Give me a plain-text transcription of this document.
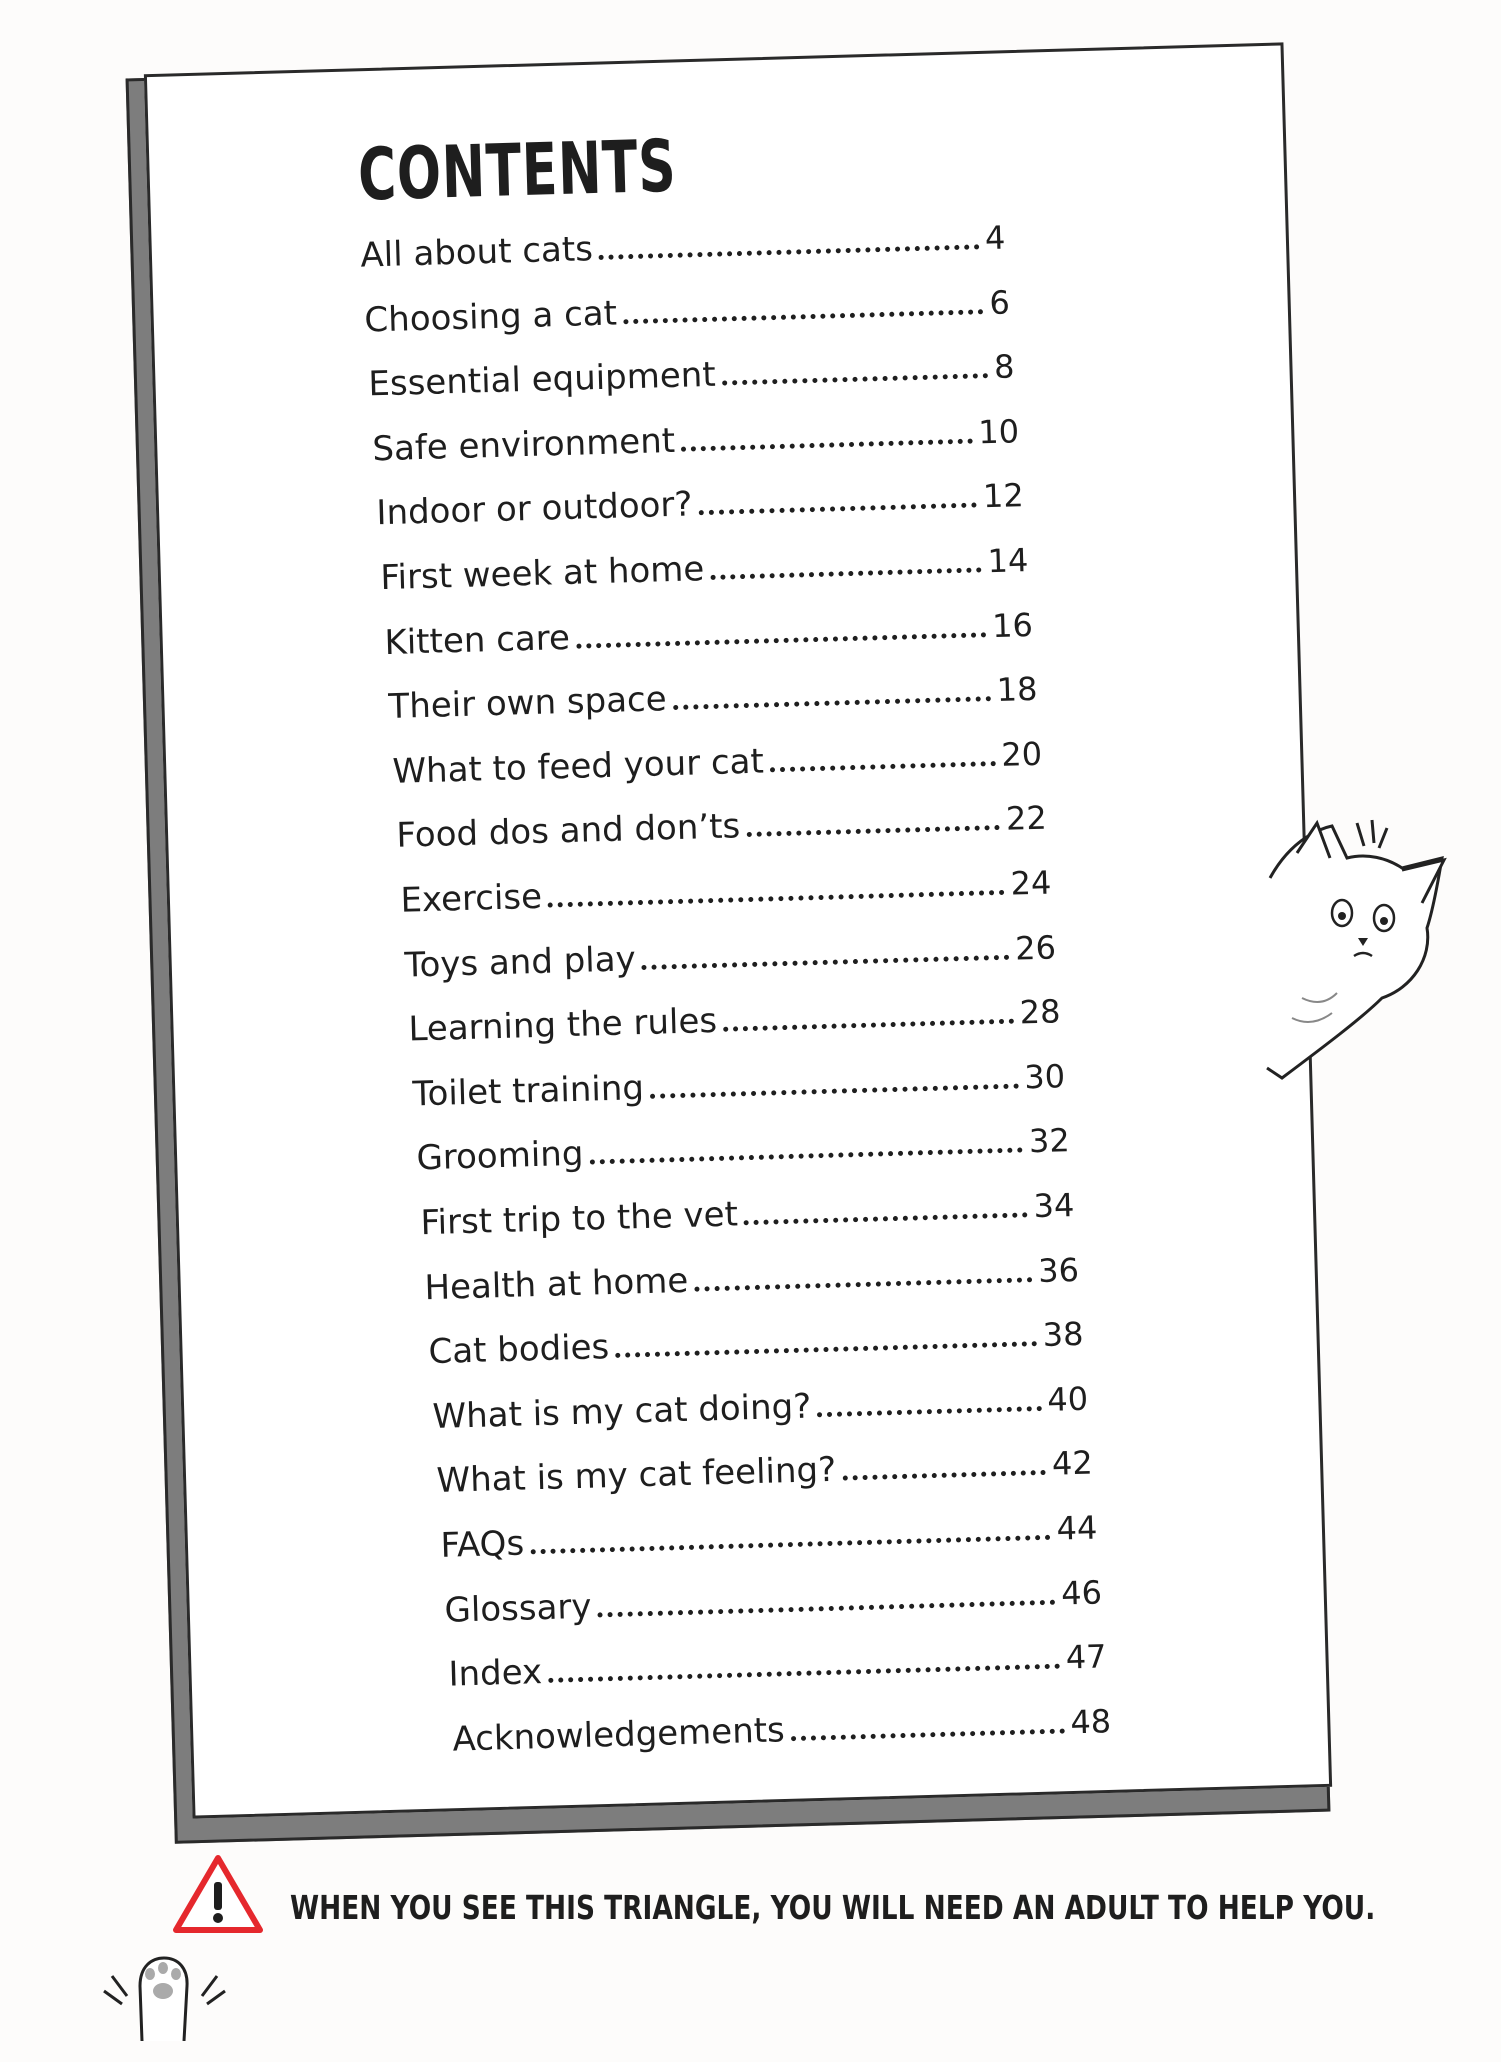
CONTENTS
All about cats	4
Choosing a cat	6
Essential equipment	8
Safe environment	10
Indoor or outdoor?	12
First week at home	14
Kitten care	16
Their own space	18
What to feed your cat	20
Food dos and don’ts	22
Exercise	24
Toys and play	26
Learning the rules	28
Toilet training	30
Grooming	32
First trip to the vet	34
Health at home	36
Cat bodies	38
What is my cat doing?	40
What is my cat feeling?	42
FAQs	44
Glossary	46
Index	47
Acknowledgements	48
WHEN YOU SEE THIS TRIANGLE, YOU WILL NEED AN ADULT TO HELP YOU.
